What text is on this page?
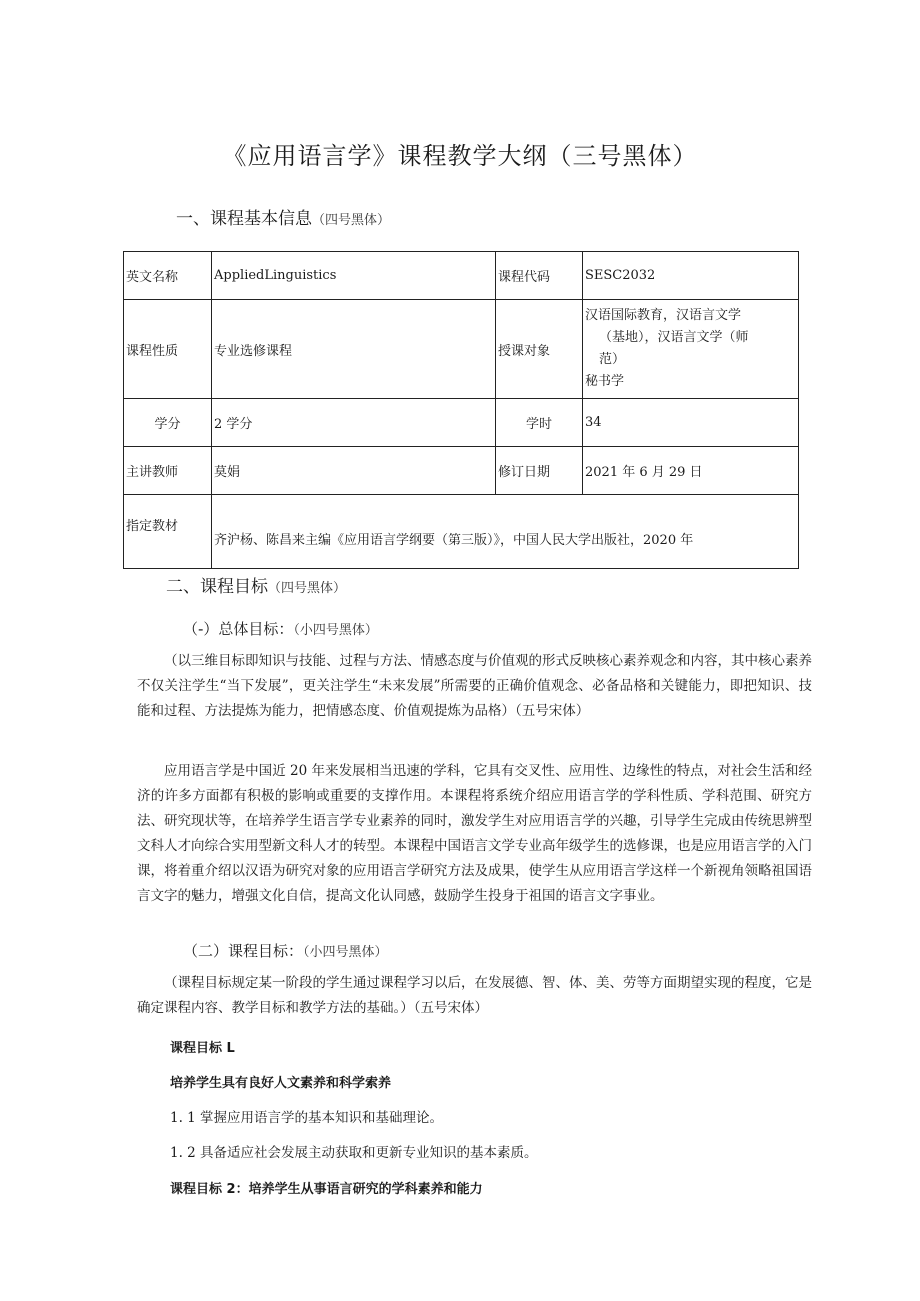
《应用语言学》课程教学大纲（三号黑体）
一、课程基本信息（四号黑体）
英文名称	AppliedLinguistics	课程代码	SESC2032
课程性质	专业选修课程	授课对象	汉语国际教育，汉语言文学
（基地），汉语言文学（师
范）
秘书学

学分	2 学分	学时	34
主讲教师	莫娟	修订日期	2021 年 6 月 29 日
指定教材	齐沪杨、陈昌来主编《应用语言学纲要（第三版）》，中国人民大学出版社，2020 年		
二、课程目标（四号黑体）
（-）总体目标：（小四号黑体）

（以三维目标即知识与技能、过程与方法、情感态度与价值观的形式反映核心素养观念和内容，其中核心素养不仅关注学生“当下发展”，更关注学生“未来发展”所需要的正确价值观念、必备品格和关键能力，即把知识、技能和过程、方法提炼为能力，把情感态度、价值观提炼为品格）（五号宋体）

应用语言学是中国近 20 年来发展相当迅速的学科，它具有交叉性、应用性、边缘性的特点，对社会生活和经济的许多方面都有积极的影响或重要的支撑作用。本课程将系统介绍应用语言学的学科性质、学科范围、研究方法、研究现状等，在培养学生语言学专业素养的同时，激发学生对应用语言学的兴趣，引导学生完成由传统思辨型文科人才向综合实用型新文科人才的转型。本课程中国语言文学专业高年级学生的选修课，也是应用语言学的入门课，将着重介绍以汉语为研究对象的应用语言学研究方法及成果，使学生从应用语言学这样一个新视角领略祖国语言文字的魅力，增强文化自信，提高文化认同感，鼓励学生投身于祖国的语言文字事业。

（二）课程目标：（小四号黑体）

（课程目标规定某一阶段的学生通过课程学习以后，在发展德、智、体、美、劳等方面期望实现的程度，它是确定课程内容、教学目标和教学方法的基础。）（五号宋体）

课程目标 L
培养学生具有良好人文素养和科学索养
1. 1 掌握应用语言学的基本知识和基础理论。
1. 2 具备适应社会发展主动获取和更新专业知识的基本素质。
课程目标 2：培养学生从事语言研究的学科素养和能力
